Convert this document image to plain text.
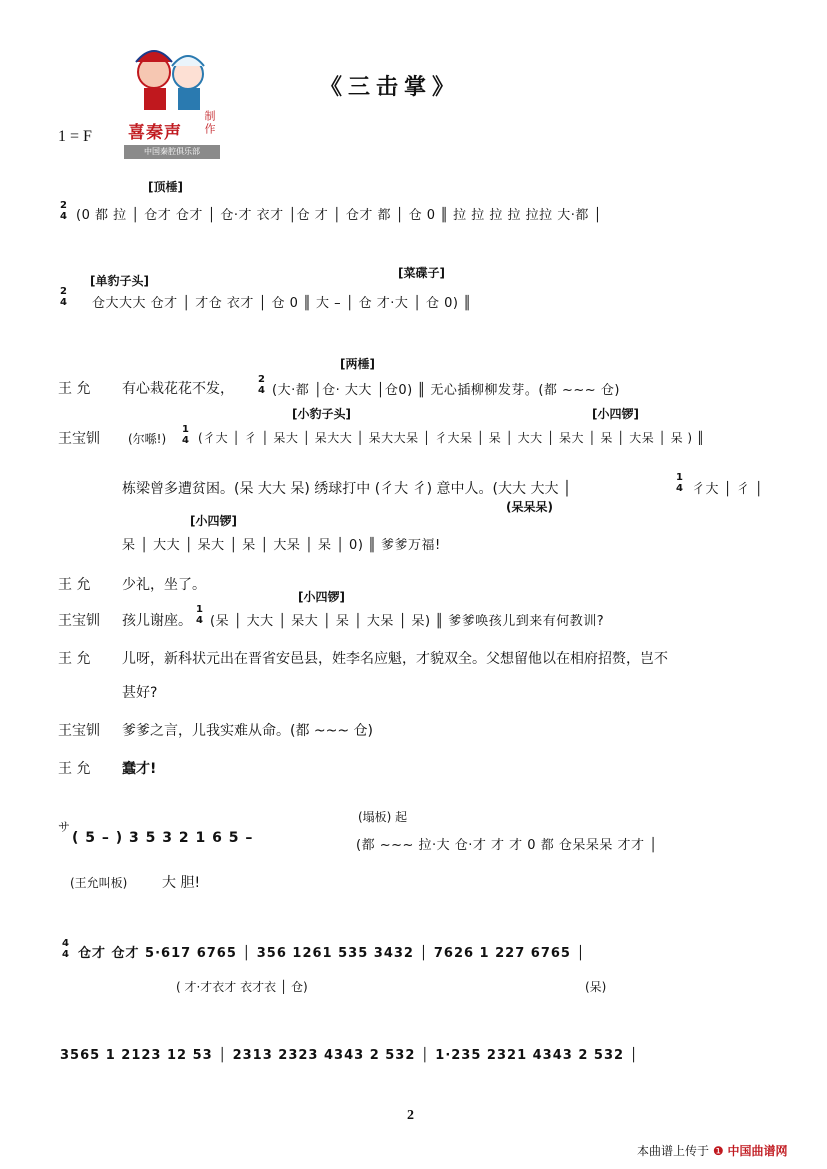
喜秦声 制作
中国秦腔俱乐部
《三击掌》
1 = F
[顶棰]
2
4 (0 都 拉 │ 仓才 仓才 │ 仓·才 衣才 │仓 才 │ 仓才 都 │ 仓 0 ║ 拉 拉 拉 拉 拉拉 大·都 │
[单豹子头]
[菜碟子]
2
4 仓大大大 仓才 │ 才仓 衣才 │ 仓 0 ║ 大 – │ 仓 才·大 │ 仓 0) ║
王 允
[两棰]
有心栽花花不发，
2
4 (大·都 │仓· 大大 │仓0) ║ 无心插柳柳发芽。(都 ~~~ 仓)
王宝钏
[小豹子头]	[小四锣]
(尔喺!)
1
4 (彳大 │ 彳 │ 呆大 │ 呆大大 │ 呆大大呆 │ 彳大呆 │ 呆 │ 大大 │ 呆大 │ 呆 │ 大呆 │ 呆 ) ║
栋梁曾多遭贫困。(呆 大大 呆) 绣球打中 (彳大 彳) 意中人。(大大 大大 │
1
4 彳大 │ 彳 │
(呆呆呆)
[小四锣]
呆 │ 大大 │ 呆大 │ 呆 │ 大呆 │ 呆 │ 0) ║ 爹爹万福!
王 允 少礼，坐了。
王宝钏
[小四锣]
孩儿谢座。
1
4 (呆 │ 大大 │ 呆大 │ 呆 │ 大呆 │ 呆) ║ 爹爹唤孩儿到来有何教训?
王 允 儿呀，新科状元出在晋省安邑县，姓李名应魁，才貌双全。父想留他以在相府招赘，岂不
甚好?
王宝钏 爹爹之言，儿我实难从命。(都 ~~~ 仓)
王 允 蠢才!
サ
( 5 – ) 3 5 3 2 1 6 5 –
(塌板) 起
(都 ~~~ 拉·大 仓·才 才 才 0 都 仓呆呆呆 才才 │
(王允叫板) 大 胆!
4
4 仓才 仓才 5·617 6765 │ 356 1261 535 3432 │ 7626 1 227 6765 │
( 才·才衣才 衣才衣 │ 仓)	(呆)
3565 1 2123 12 53 │ 2313 2323 4343 2 532 │ 1·235 2321 4343 2 532 │
2
本曲谱上传于 ❶ 中国曲谱网
